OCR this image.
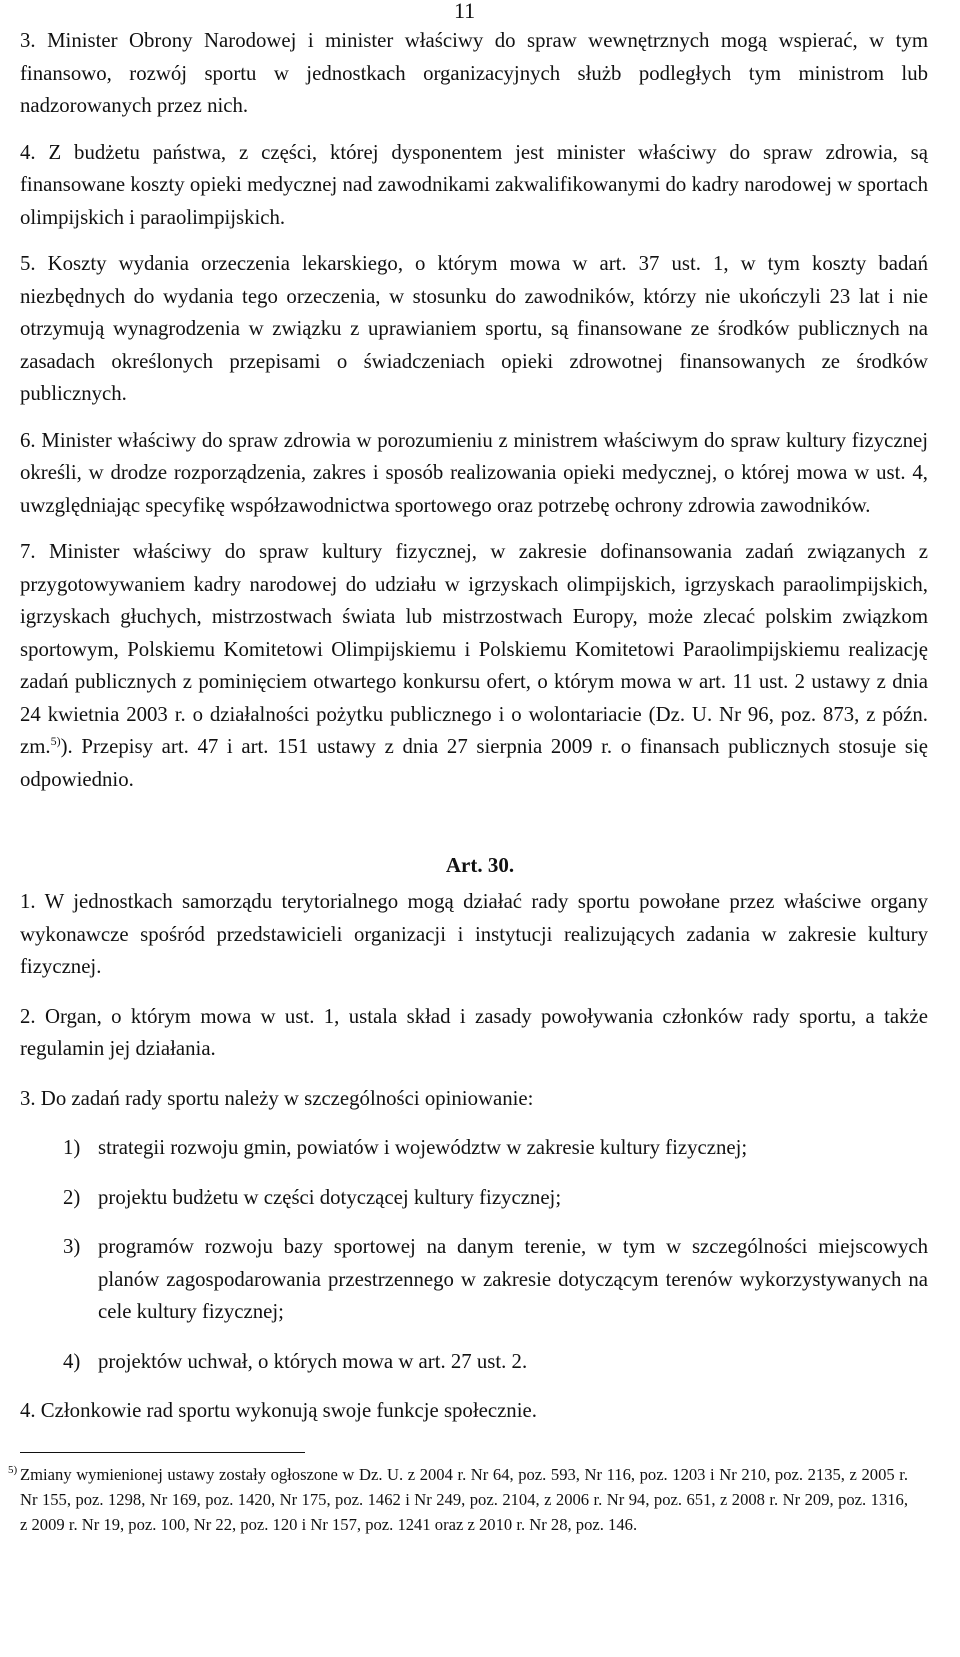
11

3. Minister Obrony Narodowej i minister właściwy do spraw wewnętrznych mogą wspierać, w tym finansowo, rozwój sportu w jednostkach organizacyjnych służb podległych tym ministrom lub nadzorowanych przez nich.

4. Z budżetu państwa, z części, której dysponentem jest minister właściwy do spraw zdrowia, są finansowane koszty opieki medycznej nad zawodnikami zakwalifikowanymi do kadry narodowej w sportach olimpijskich i paraolimpijskich.

5. Koszty wydania orzeczenia lekarskiego, o którym mowa w art. 37 ust. 1, w tym koszty badań niezbędnych do wydania tego orzeczenia, w stosunku do zawodników, którzy nie ukończyli 23 lat i nie otrzymują wynagrodzenia w związku z uprawianiem sportu, są finansowane ze środków publicznych na zasadach określonych przepisami o świadczeniach opieki zdrowotnej finansowanych ze środków publicznych.

6. Minister właściwy do spraw zdrowia w porozumieniu z ministrem właściwym do spraw kultury fizycznej określi, w drodze rozporządzenia, zakres i sposób realizowania opieki medycznej, o której mowa w ust. 4, uwzględniając specyfikę współzawodnictwa sportowego oraz potrzebę ochrony zdrowia zawodników.

7. Minister właściwy do spraw kultury fizycznej, w zakresie dofinansowania zadań związanych z przygotowywaniem kadry narodowej do udziału w igrzyskach olimpijskich, igrzyskach paraolimpijskich, igrzyskach głuchych, mistrzostwach świata lub mistrzostwach Europy, może zlecać polskim związkom sportowym, Polskiemu Komitetowi Olimpijskiemu i Polskiemu Komitetowi Paraolimpijskiemu realizację zadań publicznych z pominięciem otwartego konkursu ofert, o którym mowa w art. 11 ust. 2 ustawy z dnia 24 kwietnia 2003 r. o działalności pożytku publicznego i o wolontariacie (Dz. U. Nr 96, poz. 873, z późn. zm.$^{5)}$). Przepisy art. 47 i art. 151 ustawy z dnia 27 sierpnia 2009 r. o finansach publicznych stosuje się odpowiednio.

Art. 30.

1. W jednostkach samorządu terytorialnego mogą działać rady sportu powołane przez właściwe organy wykonawcze spośród przedstawicieli organizacji i instytucji realizujących zadania w zakresie kultury fizycznej.

2. Organ, o którym mowa w ust. 1, ustala skład i zasady powoływania członków rady sportu, a także regulamin jej działania.

3. Do zadań rady sportu należy w szczególności opiniowanie:

1) strategii rozwoju gmin, powiatów i województw w zakresie kultury fizycznej;
2) projektu budżetu w części dotyczącej kultury fizycznej;
3) programów rozwoju bazy sportowej na danym terenie, w tym w szczególności miejscowych planów zagospodarowania przestrzennego w zakresie dotyczącym terenów wykorzystywanych na cele kultury fizycznej;
4) projektów uchwał, o których mowa w art. 27 ust. 2.

4. Członkowie rad sportu wykonują swoje funkcje społecznie.

5) Zmiany wymienionej ustawy zostały ogłoszone w Dz. U. z 2004 r. Nr 64, poz. 593, Nr 116, poz. 1203 i Nr 210, poz. 2135, z 2005 r. Nr 155, poz. 1298, Nr 169, poz. 1420, Nr 175, poz. 1462 i Nr 249, poz. 2104, z 2006 r. Nr 94, poz. 651, z 2008 r. Nr 209, poz. 1316, z 2009 r. Nr 19, poz. 100, Nr 22, poz. 120 i Nr 157, poz. 1241 oraz z 2010 r. Nr 28, poz. 146.
